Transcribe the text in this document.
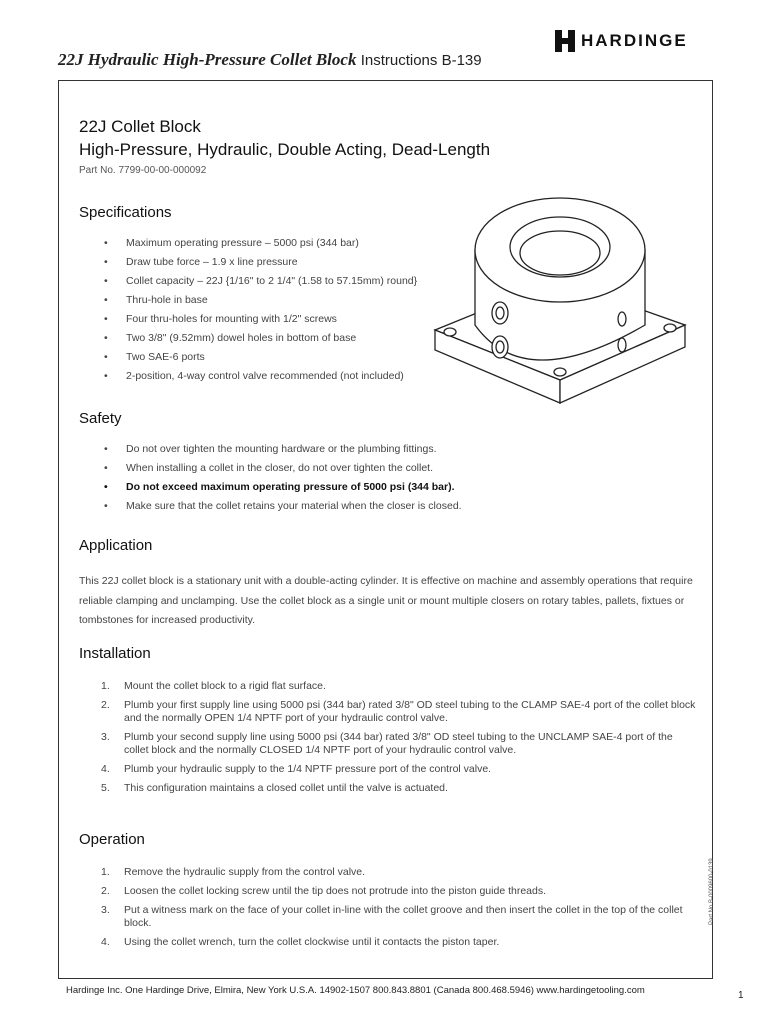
22J Hydraulic High-Pressure Collet Block Instructions B-139
HARDINGE
22J Collet Block
High-Pressure, Hydraulic, Double Acting, Dead-Length
Part No. 7799-00-00-000092
Specifications
• Maximum operating pressure – 5000 psi (344 bar)
• Draw tube force – 1.9 x line pressure
• Collet capacity – 22J {1/16" to 2 1/4" (1.58 to 57.15mm) round}
• Thru-hole in base
• Four thru-holes for mounting with 1/2" screws
• Two 3/8" (9.52mm) dowel holes in bottom of base
• Two SAE-6 ports
• 2-position, 4-way control valve recommended (not included)
Safety
• Do not over tighten the mounting hardware or the plumbing fittings.
• When installing a collet in the closer, do not over tighten the collet.
• Do not exceed maximum operating pressure of 5000 psi (344 bar).
• Make sure that the collet retains your material when the closer is closed.
Application

This 22J collet block is a stationary unit with a double-acting cylinder. It is effective on machine and assembly operations that require reliable clamping and unclamping. Use the collet block as a single unit or mount multiple closers on rotary tables, pallets, fixtues or tombstones for increased productivity.

Installation
1. Mount the collet block to a rigid flat surface.
2. Plumb your first supply line using 5000 psi (344 bar) rated 3/8" OD steel tubing to the CLAMP SAE-4 port of the collet block and the normally OPEN 1/4 NPTF port of your hydraulic control valve.
3. Plumb your second supply line using 5000 psi (344 bar) rated 3/8" OD steel tubing to the UNCLAMP SAE-4 port of the collet block and the normally CLOSED 1/4 NPTF port of your hydraulic control valve.
4. Plumb your hydraulic supply to the 1/4 NPTF pressure port of the control valve.
5. This configuration maintains a closed collet until the valve is actuated.
Operation
1. Remove the hydraulic supply from the control valve.
2. Loosen the collet locking screw until the tip does not protrude into the piston guide threads.
3. Put a witness mark on the face of your collet in-line with the collet groove and then insert the collet in the top of the collet block.
4. Using the collet wrench, turn the collet clockwise until it contacts the piston taper.
Part No B-0009600-0139
Hardinge Inc. One Hardinge Drive, Elmira, New York U.S.A. 14902-1507 800.843.8801 (Canada 800.468.5946) www.hardingetooling.com	1
